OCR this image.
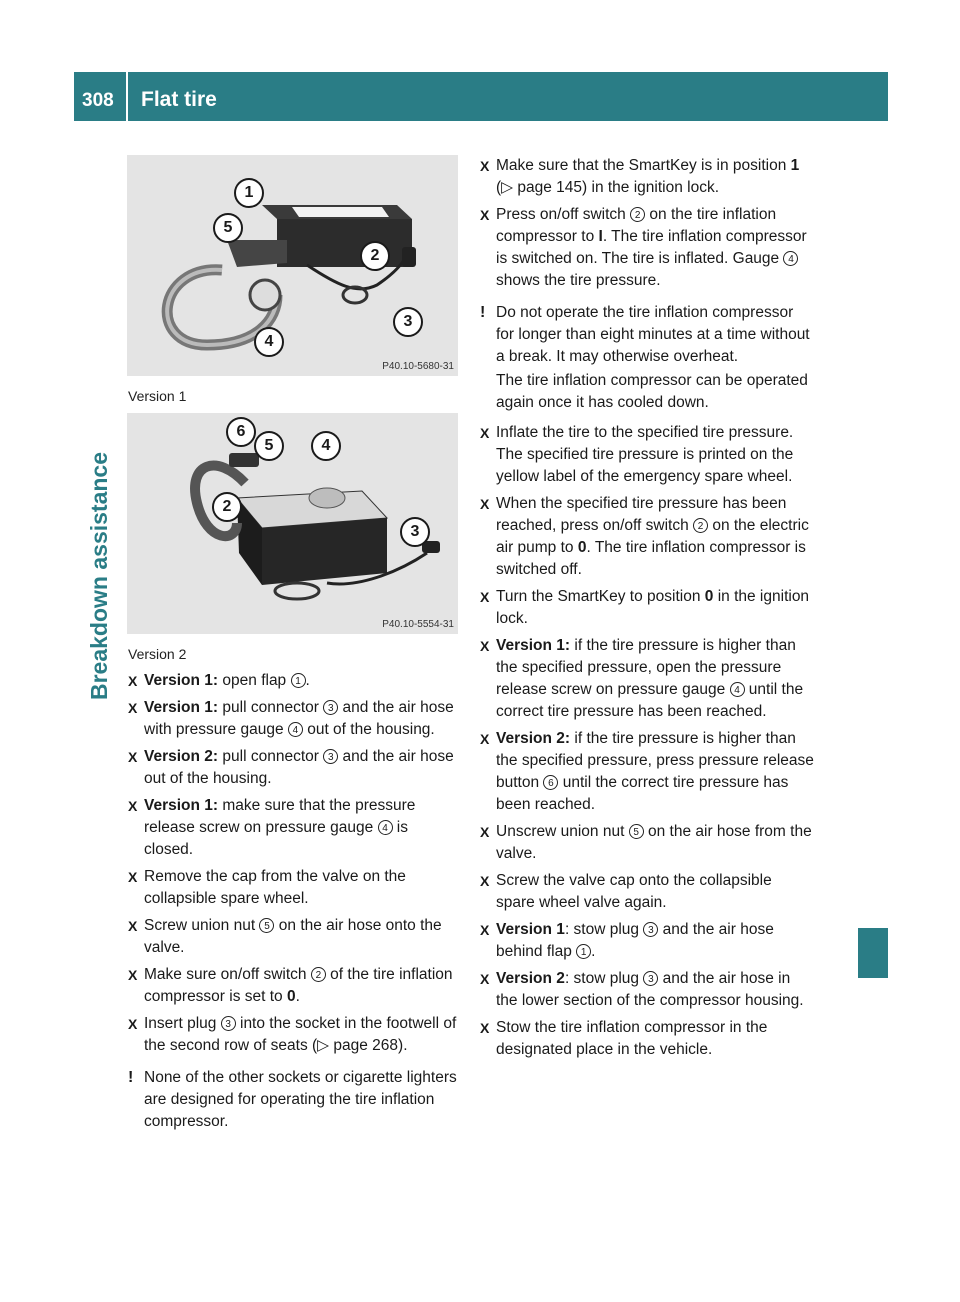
308 Flat tire
Breakdown assistance
1
5
2
3
4
P40.10-5680-31
Version 1
6
5	4
2
3
P40.10-5554-31
Version 2
X Version 1: open flap 1 .
X Version 1: pull connector 3 and the air hose with pressure gauge 4 out of the housing.
X Version 2: pull connector 3 and the air hose out of the housing.
X Version 1: make sure that the pressure release screw on pressure gauge 4 is closed.
X Remove the cap from the valve on the collapsible spare wheel.
X Screw union nut 5 on the air hose onto the valve.
X Make sure on/off switch 2 of the tire inflation compressor is set to 0.
X Insert plug 3 into the socket in the footwell of the second row of seats (▷ page 268).
! None of the other sockets or cigarette lighters are designed for operating the tire inflation compressor.

X Make sure that the SmartKey is in position 1 (▷ page 145) in the ignition lock.
X Press on/off switch 2 on the tire inflation compressor to I. The tire inflation compressor is switched on. The tire is inflated. Gauge 4 shows the tire pressure.
! Do not operate the tire inflation compressor for longer than eight minutes at a time without a break. It may otherwise overheat.

The tire inflation compressor can be operated again once it has cooled down.

X Inflate the tire to the specified tire pressure. The specified tire pressure is printed on the yellow label of the emergency spare wheel.
X When the specified tire pressure has been reached, press on/off switch 2 on the electric air pump to 0. The tire inflation compressor is switched off.
X Turn the SmartKey to position 0 in the ignition lock.
X Version 1: if the tire pressure is higher than the specified pressure, open the pressure release screw on pressure gauge 4 until the correct tire pressure has been reached.
X Version 2: if the tire pressure is higher than the specified pressure, press pressure release button 6 until the correct tire pressure has been reached.
X Unscrew union nut 5 on the air hose from the valve.
X Screw the valve cap onto the collapsible spare wheel valve again.
X Version 1: stow plug 3 and the air hose behind flap 1 .
X Version 2: stow plug 3 and the air hose in the lower section of the compressor housing.
X Stow the tire inflation compressor in the designated place in the vehicle.
